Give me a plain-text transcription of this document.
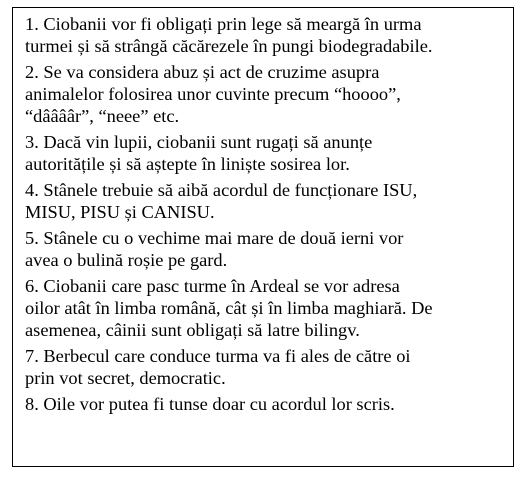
1. Ciobanii vor fi obligați prin lege să meargă în urma
turmei și să strângă căcărezele în pungi biodegradabile.

2. Se va considera abuz și act de cruzime asupra
animalelor folosirea unor cuvinte precum “hoooo”,
“dââââr”, “neee” etc.

3. Dacă vin lupii, ciobanii sunt rugați să anunțe
autoritățile și să aștepte în liniște sosirea lor.

4. Stânele trebuie să aibă acordul de funcționare ISU,
MISU, PISU și CANISU.

5. Stânele cu o vechime mai mare de două ierni vor
avea o bulină roșie pe gard.

6. Ciobanii care pasc turme în Ardeal se vor adresa
oilor atât în limba română, cât și în limba maghiară. De
asemenea, câinii sunt obligați să latre bilingv.

7. Berbecul care conduce turma va fi ales de către oi
prin vot secret, democratic.

8. Oile vor putea fi tunse doar cu acordul lor scris.
